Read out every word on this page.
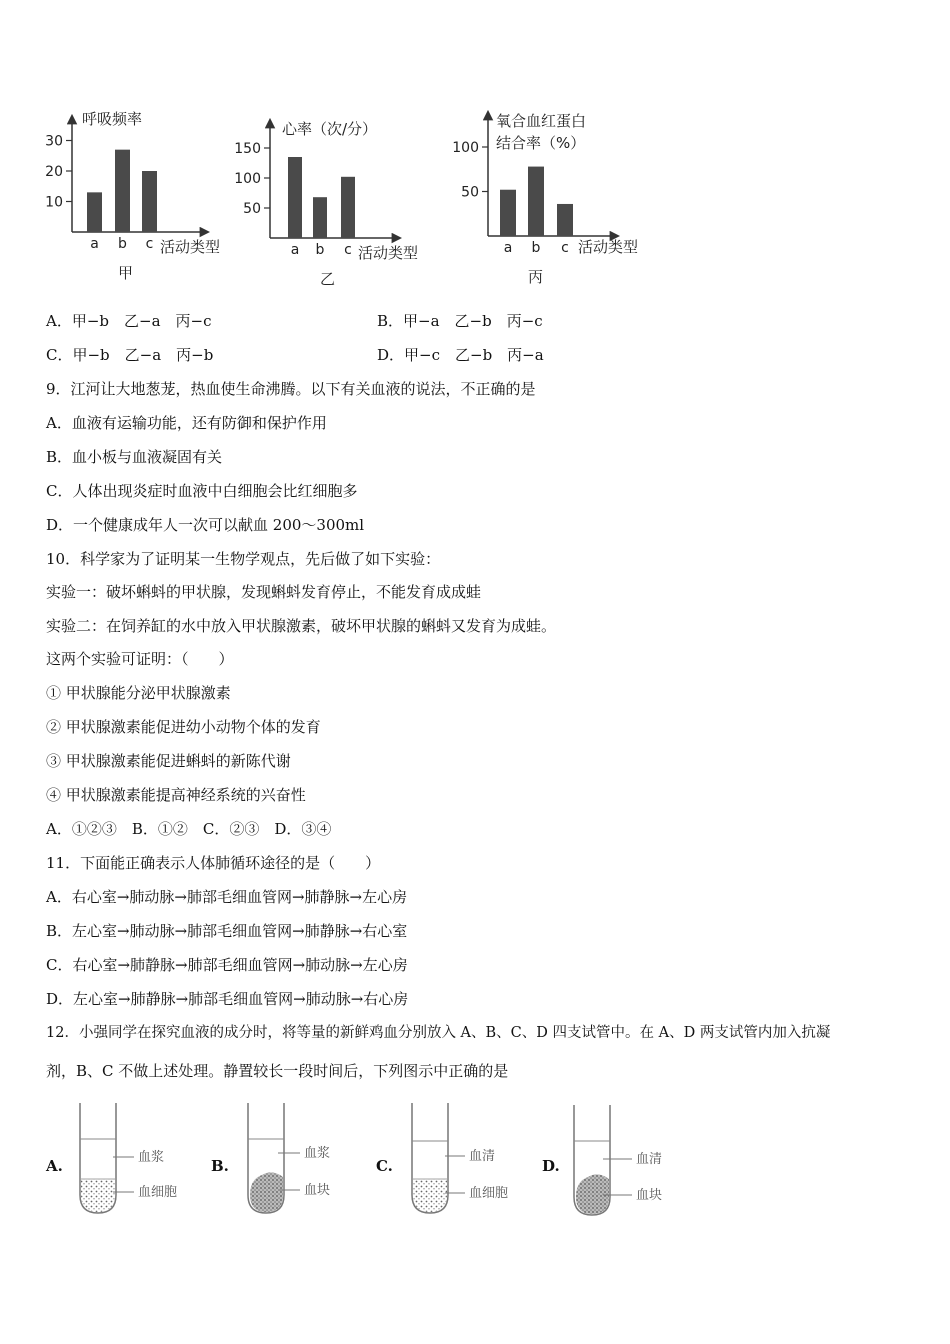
呼吸频率
30
20
10
a b c 活动类型
甲
心率（次/分）
150
100
50
a b c 活动类型
乙
氧合血红蛋白
结合率（%）
100
50
a b c 活动类型
丙
A．甲−b　乙−a　丙−c	B．甲−a　乙−b　丙−c
C．甲−b　乙−a　丙−b	D．甲−c　乙−b　丙−a
9．江河让大地葱茏，热血使生命沸腾。以下有关血液的说法，不正确的是
A．血液有运输功能，还有防御和保护作用
B．血小板与血液凝固有关
C．人体出现炎症时血液中白细胞会比红细胞多
D．一个健康成年人一次可以献血 200～300ml
10．科学家为了证明某一生物学观点，先后做了如下实验：
实验一：破坏蝌蚪的甲状腺，发现蝌蚪发育停止，不能发育成成蛙
实验二：在饲养缸的水中放入甲状腺激素，破坏甲状腺的蝌蚪又发育为成蛙。
这两个实验可证明：（　　）
① 甲状腺能分泌甲状腺激素
② 甲状腺激素能促进幼小动物个体的发育
③ 甲状腺激素能促进蝌蚪的新陈代谢
④ 甲状腺激素能提高神经系统的兴奋性
A．①②③　B．①②　C．②③　D．③④
11．下面能正确表示人体肺循环途径的是（　　）
A．右心室→肺动脉→肺部毛细血管网→肺静脉→左心房
B．左心室→肺动脉→肺部毛细血管网→肺静脉→右心室
C．右心室→肺静脉→肺部毛细血管网→肺动脉→左心房
D．左心室→肺静脉→肺部毛细血管网→肺动脉→右心房
12．小强同学在探究血液的成分时，将等量的新鲜鸡血分别放入 A、B、C、D 四支试管中。在 A、D 两支试管内加入抗凝
剂，B、C 不做上述处理。静置较长一段时间后，下列图示中正确的是
A.	B.	C.	D.
血浆
血细胞
血浆
血块
血清
血细胞
血清
血块
